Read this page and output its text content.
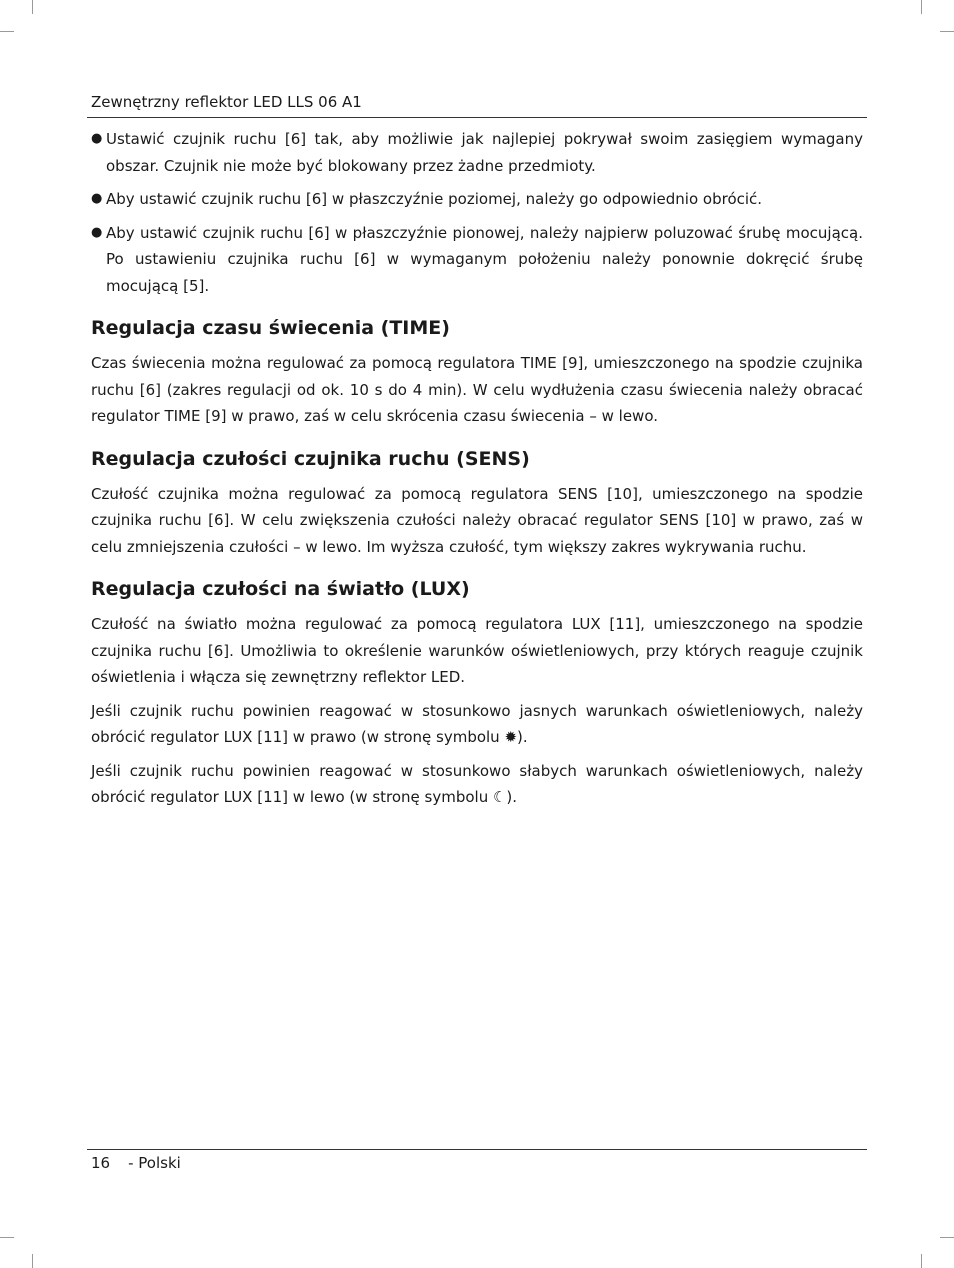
Zewnętrzny reflektor LED LLS 06 A1
● Ustawić czujnik ruchu [6] tak, aby możliwie jak najlepiej pokrywał swoim zasięgiem wymagany obszar. Czujnik nie może być blokowany przez żadne przedmioty.
● Aby ustawić czujnik ruchu [6] w płaszczyźnie poziomej, należy go odpowiednio obrócić.
● Aby ustawić czujnik ruchu [6] w płaszczyźnie pionowej, należy najpierw poluzować śrubę mocującą. Po ustawieniu czujnika ruchu [6] w wymaganym położeniu należy ponownie dokręcić śrubę mocującą [5].
Regulacja czasu świecenia (TIME)

Czas świecenia można regulować za pomocą regulatora TIME [9], umieszczonego na spodzie czujnika ruchu [6] (zakres regulacji od ok. 10 s do 4 min). W celu wydłużenia czasu świecenia należy obracać regulator TIME [9] w prawo, zaś w celu skrócenia czasu świecenia – w lewo.

Regulacja czułości czujnika ruchu (SENS)

Czułość czujnika można regulować za pomocą regulatora SENS [10], umieszczonego na spodzie czujnika ruchu [6]. W celu zwiększenia czułości należy obracać regulator SENS [10] w prawo, zaś w celu zmniejszenia czułości – w lewo. Im wyższa czułość, tym większy zakres wykrywania ruchu.

Regulacja czułości na światło (LUX)

Czułość na światło można regulować za pomocą regulatora LUX [11], umieszczonego na spodzie czujnika ruchu [6]. Umożliwia to określenie warunków oświetleniowych, przy których reaguje czujnik oświetlenia i włącza się zewnętrzny reflektor LED.

Jeśli czujnik ruchu powinien reagować w stosunkowo jasnych warunkach oświetleniowych, należy obrócić regulator LUX [11] w prawo (w stronę symbolu ✹).

Jeśli czujnik ruchu powinien reagować w stosunkowo słabych warunkach oświetleniowych, należy obrócić regulator LUX [11] w lewo (w stronę symbolu ☾).

16 - Polski
